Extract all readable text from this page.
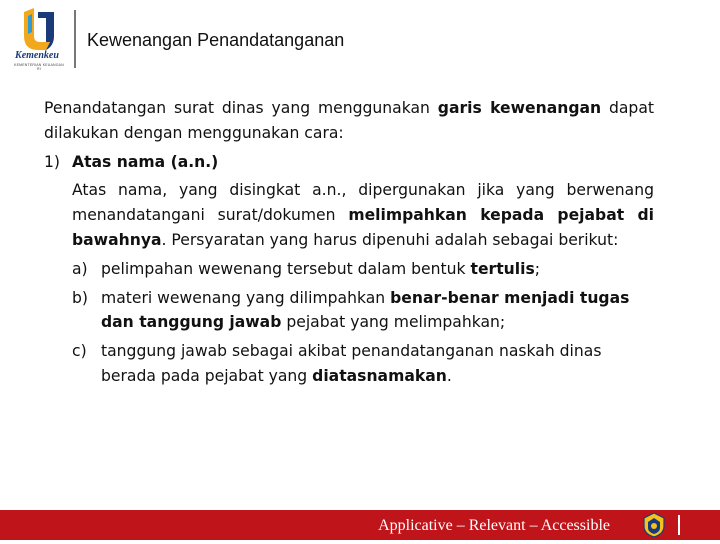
Kemenkeu
KEMENTERIAN KEUANGAN RI
Kewenangan Penandatanganan

Penandatangan surat dinas yang menggunakan garis kewenangan dapat dilakukan dengan menggunakan cara:

1) Atas nama (a.n.)

Atas nama, yang disingkat a.n., dipergunakan jika yang berwenang menandatangani surat/dokumen melimpahkan kepada pejabat di bawahnya. Persyaratan yang harus dipenuhi adalah sebagai berikut:

a) pelimpahan wewenang tersebut dalam bentuk tertulis;
b) materi wewenang yang dilimpahkan benar-benar menjadi tugas dan tanggung jawab pejabat yang melimpahkan;
c) tanggung jawab sebagai akibat penandatanganan naskah dinas berada pada pejabat yang diatasnamakan.
Applicative – Relevant – Accessible
